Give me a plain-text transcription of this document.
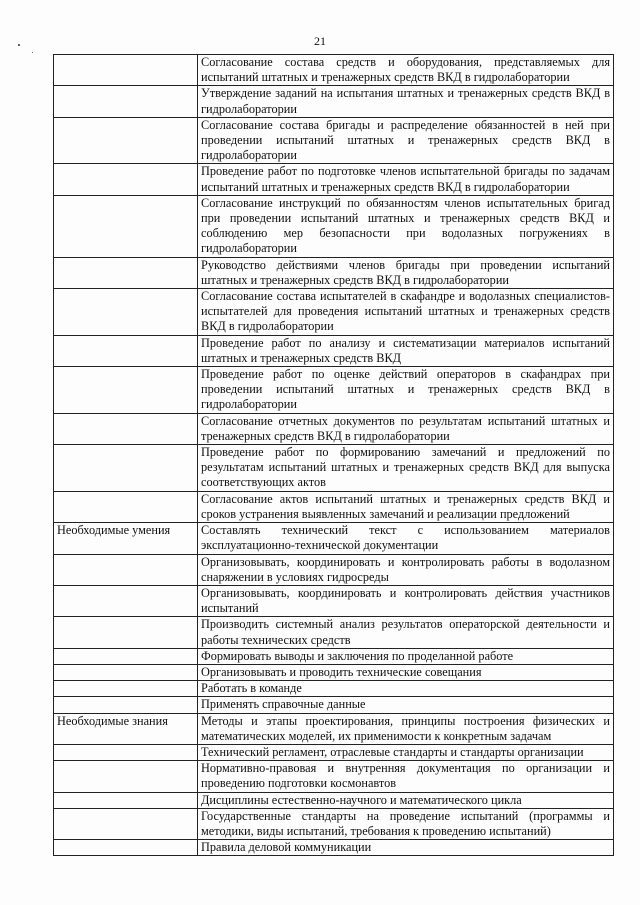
21
	Согласование состава средств и оборудования, представляемых для испытаний штатных и тренажерных средств ВКД в гидролаборатории
	Утверждение заданий на испытания штатных и тренажерных средств ВКД в гидролаборатории
	Согласование состава бригады и распределение обязанностей в ней при проведении испытаний штатных и тренажерных средств ВКД в гидролаборатории
	Проведение работ по подготовке членов испытательной бригады по задачам испытаний штатных и тренажерных средств ВКД в гидролаборатории
	Согласование инструкций по обязанностям членов испытательных бригад при проведении испытаний штатных и тренажерных средств ВКД и соблюдению мер безопасности при водолазных погружениях в гидролаборатории
	Руководство действиями членов бригады при проведении испытаний штатных и тренажерных средств ВКД в гидролаборатории
	Согласование состава испытателей в скафандре и водолазных специалистов-испытателей для проведения испытаний штатных и тренажерных средств ВКД в гидролаборатории
	Проведение работ по анализу и систематизации материалов испытаний штатных и тренажерных средств ВКД
	Проведение работ по оценке действий операторов в скафандрах при проведении испытаний штатных и тренажерных средств ВКД в гидролаборатории
	Согласование отчетных документов по результатам испытаний штатных и тренажерных средств ВКД в гидролаборатории
	Проведение работ по формированию замечаний и предложений по результатам испытаний штатных и тренажерных средств ВКД для выпуска соответствующих актов
	Согласование актов испытаний штатных и тренажерных средств ВКД и сроков устранения выявленных замечаний и реализации предложений
Необходимые умения	Составлять технический текст с использованием материалов эксплуатационно-технической документации
	Организовывать, координировать и контролировать работы в водолазном снаряжении в условиях гидросреды
	Организовывать, координировать и контролировать действия участников испытаний
	Производить системный анализ результатов операторской деятельности и работы технических средств
	Формировать выводы и заключения по проделанной работе
	Организовывать и проводить технические совещания
	Работать в команде
	Применять справочные данные
Необходимые знания	Методы и этапы проектирования, принципы построения физических и математических моделей, их применимости к конкретным задачам
	Технический регламент, отраслевые стандарты и стандарты организации
	Нормативно-правовая и внутренняя документация по организации и проведению подготовки космонавтов
	Дисциплины естественно-научного и математического цикла
	Государственные стандарты на проведение испытаний (программы и методики, виды испытаний, требования к проведению испытаний)
	Правила деловой коммуникации
